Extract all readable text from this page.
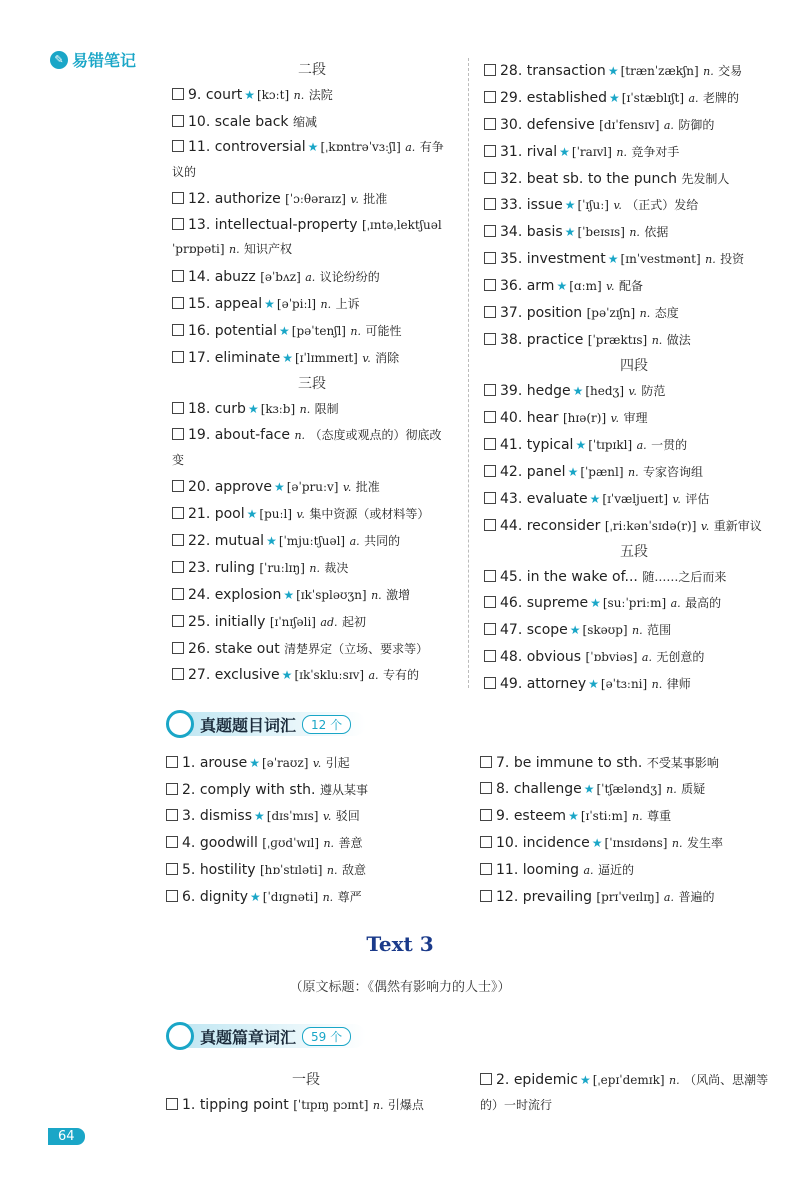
✎ 易错笔记	二段
9. court ★ [kɔːt] n. 法院
10. scale back 缩减
11. controversial ★ [ˌkɒntrəˈvɜːʃl] a. 有争议的
12. authorize [ˈɔːθəraɪz] v. 批准
13. intellectual-property [ˌɪntəˌlektʃuəl ˈprɒpəti] n. 知识产权
14. abuzz [əˈbʌz] a. 议论纷纷的
15. appeal ★ [əˈpiːl] n. 上诉
16. potential ★ [pəˈtenʃl] n. 可能性
17. eliminate ★ [ɪˈlɪmɪneɪt] v. 消除
三段
18. curb ★ [kɜːb] n. 限制
19. about-face n. （态度或观点的）彻底改变
20. approve ★ [əˈpruːv] v. 批准
21. pool ★ [puːl] v. 集中资源（或材料等）
22. mutual ★ [ˈmjuːtʃuəl] a. 共同的
23. ruling [ˈruːlɪŋ] n. 裁决
24. explosion ★ [ɪkˈspləʊʒn] n. 激增
25. initially [ɪˈnɪʃəli] ad. 起初
26. stake out 清楚界定（立场、要求等）
27. exclusive ★ [ɪkˈskluːsɪv] a. 专有的
28. transaction ★ [trænˈzækʃn] n. 交易
29. established ★ [ɪˈstæblɪʃt] a. 老牌的
30. defensive [dɪˈfensɪv] a. 防御的
31. rival ★ [ˈraɪvl] n. 竞争对手
32. beat sb. to the punch 先发制人
33. issue ★ [ˈɪʃuː] v. （正式）发给
34. basis ★ [ˈbeɪsɪs] n. 依据
35. investment ★ [ɪnˈvestmənt] n. 投资
36. arm ★ [ɑːm] v. 配备
37. position [pəˈzɪʃn] n. 态度
38. practice [ˈpræktɪs] n. 做法
四段
39. hedge ★ [hedʒ] v. 防范
40. hear [hɪə(r)] v. 审理
41. typical ★ [ˈtɪpɪkl] a. 一贯的
42. panel ★ [ˈpænl] n. 专家咨询组
43. evaluate ★ [ɪˈvæljueɪt] v. 评估
44. reconsider [ˌriːkənˈsɪdə(r)] v. 重新审议
五段
45. in the wake of... 随……之后而来
46. supreme ★ [suːˈpriːm] a. 最高的
47. scope ★ [skəʊp] n. 范围
48. obvious [ˈɒbviəs] a. 无创意的
49. attorney ★ [əˈtɜːni] n. 律师
真题题目词汇	12 个
1. arouse ★ [əˈraʊz] v. 引起
2. comply with sth. 遵从某事
3. dismiss ★ [dɪsˈmɪs] v. 驳回
4. goodwill [ˌɡʊdˈwɪl] n. 善意
5. hostility [hɒˈstɪləti] n. 敌意
6. dignity ★ [ˈdɪɡnəti] n. 尊严
7. be immune to sth. 不受某事影响
8. challenge ★ [ˈtʃæləndʒ] n. 质疑
9. esteem ★ [ɪˈstiːm] n. 尊重
10. incidence ★ [ˈɪnsɪdəns] n. 发生率
11. looming a. 逼近的
12. prevailing [prɪˈveɪlɪŋ] a. 普遍的
Text 3
（原文标题：《偶然有影响力的人士》）
真题篇章词汇	59 个
一段
1. tipping point [ˈtɪpɪŋ pɔɪnt] n. 引爆点
2. epidemic ★ [ˌepɪˈdemɪk] n. （风尚、思潮等的）一时流行
64
